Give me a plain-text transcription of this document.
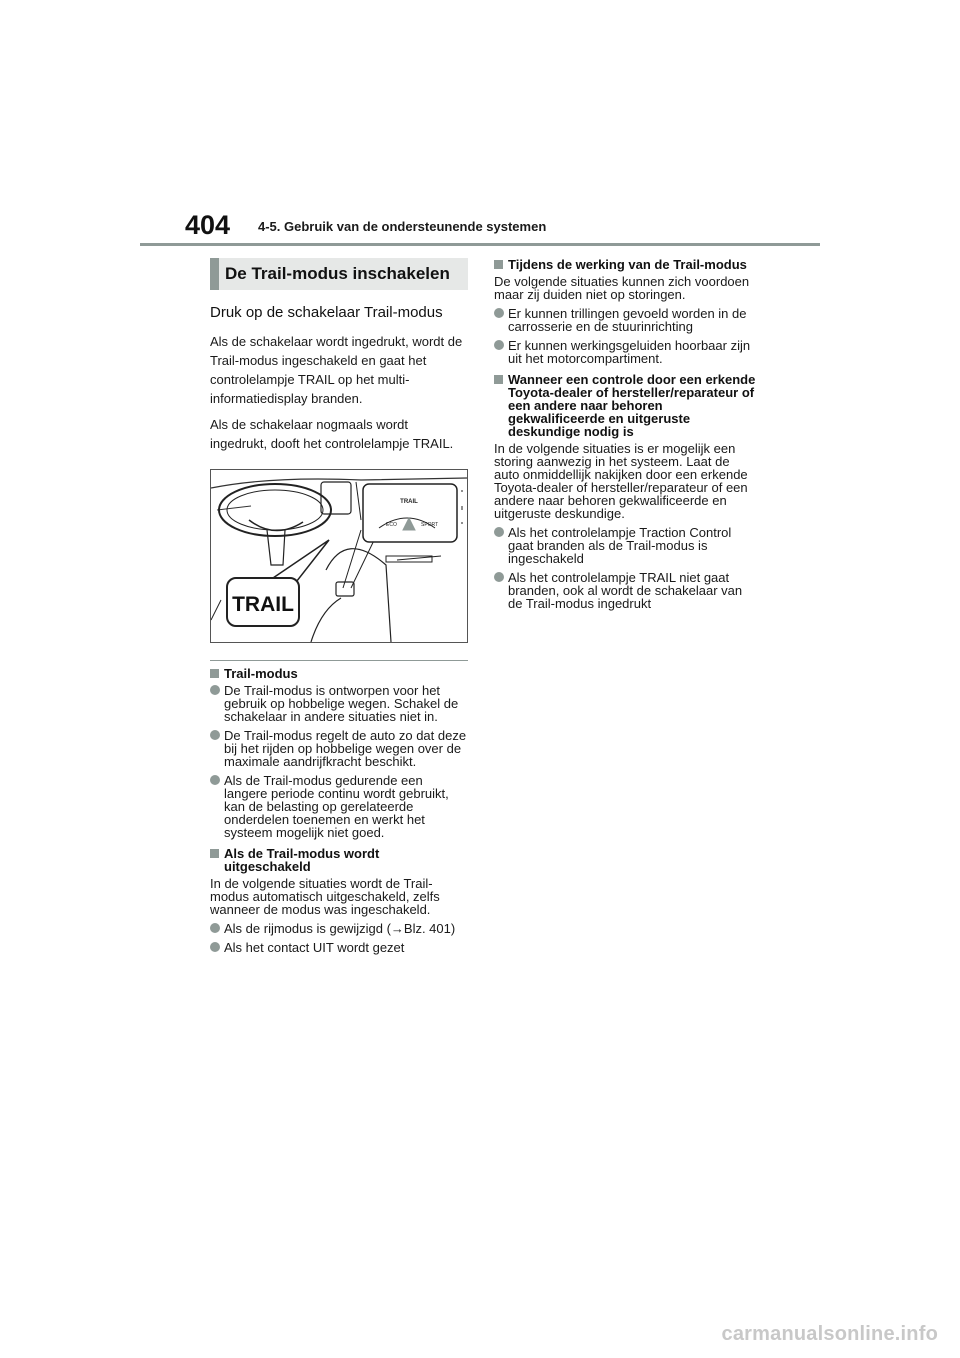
404 4-5. Gebruik van de ondersteunende systemen
De Trail-modus inschakelen

Druk op de schakelaar Trail-modus

Als de schakelaar wordt ingedrukt, wordt de Trail-modus ingeschakeld en gaat het controlelampje TRAIL op het multi-informatiedisplay branden.

Als de schakelaar nogmaals wordt ingedrukt, dooft het controlelampje TRAIL.

TRAIL
ECO	SPORT
TRAIL
Trail-modus
De Trail-modus is ontworpen voor het gebruik op hobbelige wegen. Schakel de schakelaar in andere situaties niet in.
De Trail-modus regelt de auto zo dat deze bij het rijden op hobbelige wegen over de maximale aandrijfkracht beschikt.
Als de Trail-modus gedurende een langere periode continu wordt gebruikt, kan de belasting op gerelateerde onderdelen toenemen en werkt het systeem mogelijk niet goed.
Als de Trail-modus wordt uitgeschakeld

In de volgende situaties wordt de Trail-modus automatisch uitgeschakeld, zelfs wanneer de modus was ingeschakeld.

Als de rijmodus is gewijzigd (→Blz. 401)
Als het contact UIT wordt gezet
Tijdens de werking van de Trail-modus

De volgende situaties kunnen zich voordoen maar zij duiden niet op storingen.

Er kunnen trillingen gevoeld worden in de carrosserie en de stuurinrichting
Er kunnen werkingsgeluiden hoorbaar zijn uit het motorcompartiment.
Wanneer een controle door een erkende Toyota-dealer of hersteller/reparateur of een andere naar behoren gekwalificeerde en uitgeruste deskundige nodig is

In de volgende situaties is er mogelijk een storing aanwezig in het systeem. Laat de auto onmiddellijk nakijken door een erkende Toyota-dealer of hersteller/reparateur of een andere naar behoren gekwalificeerde en uitgeruste deskundige.

Als het controlelampje Traction Control gaat branden als de Trail-modus is ingeschakeld
Als het controlelampje TRAIL niet gaat branden, ook al wordt de schakelaar van de Trail-modus ingedrukt
carmanualsonline.info
